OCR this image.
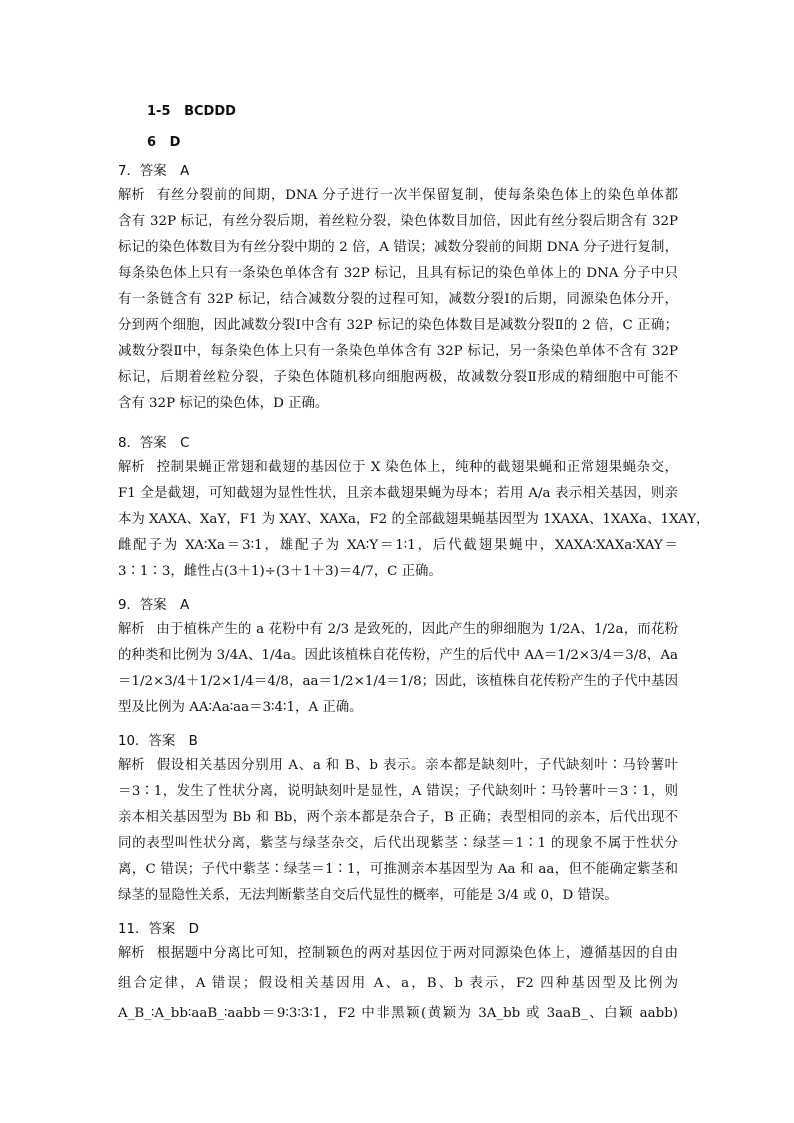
1-5 BCDDD
6 D
7．答案　A
解析 有丝分裂前的间期，DNA 分子进行一次半保留复制，使每条染色体上的染色单体都
含有 32P 标记，有丝分裂后期，着丝粒分裂，染色体数目加倍，因此有丝分裂后期含有 32P
标记的染色体数目为有丝分裂中期的 2 倍，A 错误；减数分裂前的间期 DNA 分子进行复制，
每条染色体上只有一条染色单体含有 32P 标记，且具有标记的染色单体上的 DNA 分子中只
有一条链含有 32P 标记，结合减数分裂的过程可知，减数分裂Ⅰ的后期，同源染色体分开，
分到两个细胞，因此减数分裂Ⅰ中含有 32P 标记的染色体数目是减数分裂Ⅱ的 2 倍，C 正确；
减数分裂Ⅱ中，每条染色体上只有一条染色单体含有 32P 标记，另一条染色单体不含有 32P
标记，后期着丝粒分裂，子染色体随机移向细胞两极，故减数分裂Ⅱ形成的精细胞中可能不
含有 32P 标记的染色体，D 正确。
8．答案　C
解析 控制果蝇正常翅和截翅的基因位于 X 染色体上，纯种的截翅果蝇和正常翅果蝇杂交，
F1 全是截翅，可知截翅为显性性状，且亲本截翅果蝇为母本；若用 A/a 表示相关基因，则亲
本为 XAXA、XaY，F1 为 XAY、XAXa，F2 的全部截翅果蝇基因型为 1XAXA、1XAXa、1XAY，
雌配子为 XA∶Xa＝3∶1，雄配子为 XA∶Y＝1∶1，后代截翅果蝇中，XAXA∶XAXa∶XAY＝
3∶1∶3，雌性占(3＋1)÷(3＋1＋3)＝4/7，C 正确。
9．答案　A
解析 由于植株产生的 a 花粉中有 2/3 是致死的，因此产生的卵细胞为 1/2A、1/2a，而花粉
的种类和比例为 3/4A、1/4a。因此该植株自花传粉，产生的后代中 AA＝1/2×3/4＝3/8，Aa
＝1/2×3/4＋1/2×1/4＝4/8，aa＝1/2×1/4＝1/8；因此，该植株自花传粉产生的子代中基因
型及比例为 AA∶Aa∶aa＝3∶4∶1，A 正确。
10．答案　B
解析 假设相关基因分别用 A、a 和 B、b 表示。亲本都是缺刻叶，子代缺刻叶∶马铃薯叶
＝3∶1，发生了性状分离，说明缺刻叶是显性，A 错误；子代缺刻叶∶马铃薯叶＝3∶1，则
亲本相关基因型为 Bb 和 Bb，两个亲本都是杂合子，B 正确；表型相同的亲本，后代出现不
同的表型叫性状分离，紫茎与绿茎杂交，后代出现紫茎∶绿茎＝1∶1 的现象不属于性状分
离，C 错误；子代中紫茎∶绿茎＝1∶1，可推测亲本基因型为 Aa 和 aa，但不能确定紫茎和
绿茎的显隐性关系，无法判断紫茎自交后代显性的概率，可能是 3/4 或 0，D 错误。
11．答案　D
解析 根据题中分离比可知，控制颖色的两对基因位于两对同源染色体上，遵循基因的自由
组合定律，A 错误；假设相关基因用 A、a，B、b 表示，F2 四种基因型及比例为
A_B_∶A_bb∶aaB_∶aabb＝9∶3∶3∶1，F2 中非黑颖(黄颖为 3A_bb 或 3aaB_、白颖 aabb)
